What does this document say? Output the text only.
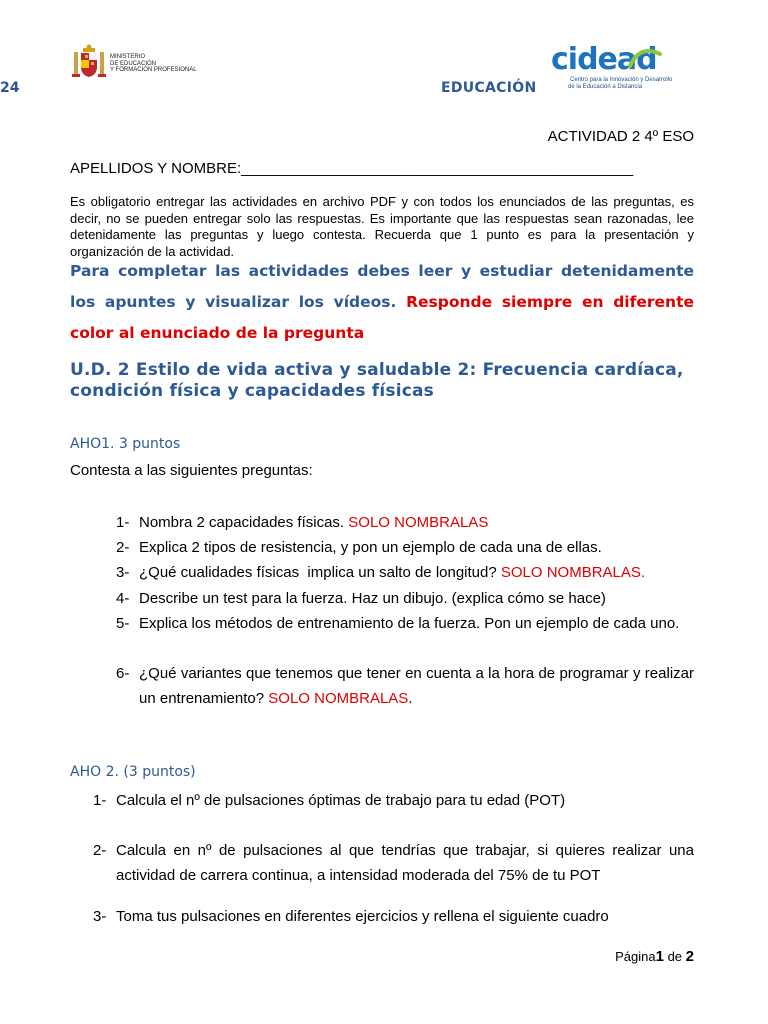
24
MINISTERIO
DE EDUCACIÓN
Y FORMACIÓN PROFESIONAL
EDUCACIÓN
cidead
Centro para la Innovación y Desarrollo
de la Educación a Distancia
ACTIVIDAD 2 4º ESO
APELLIDOS Y NOMBRE:_______________________________________________
Es obligatorio entregar las actividades en archivo PDF y con todos los enunciados de las preguntas, es decir, no se pueden entregar solo las respuestas. Es importante que las respuestas sean razonadas, lee detenidamente las preguntas y luego contesta. Recuerda que 1 punto es para la presentación y organización de la actividad.
Para completar las actividades debes leer y estudiar detenidamente los apuntes y visualizar los vídeos. Responde siempre en diferente color al enunciado de la pregunta
U.D. 2 Estilo de vida activa y saludable 2: Frecuencia cardíaca, condición física y capacidades físicas
AHO1. 3 puntos
Contesta a las siguientes preguntas:
1- Nombra 2 capacidades físicas. SOLO NOMBRALAS
2- Explica 2 tipos de resistencia, y pon un ejemplo de cada una de ellas.
3- ¿Qué cualidades físicas  implica un salto de longitud? SOLO NOMBRALAS.
4- Describe un test para la fuerza. Haz un dibujo. (explica cómo se hace)
5- Explica los métodos de entrenamiento de la fuerza. Pon un ejemplo de cada uno.
6- ¿Qué variantes que tenemos que tener en cuenta a la hora de programar y realizar un entrenamiento? SOLO NOMBRALAS.
AHO 2. (3 puntos)
1- Calcula el nº de pulsaciones óptimas de trabajo para tu edad (POT)
2- Calcula en nº de pulsaciones al que tendrías que trabajar, si quieres realizar una actividad de carrera continua, a intensidad moderada del 75% de tu POT
3- Toma tus pulsaciones en diferentes ejercicios y rellena el siguiente cuadro
Página1 de 2
